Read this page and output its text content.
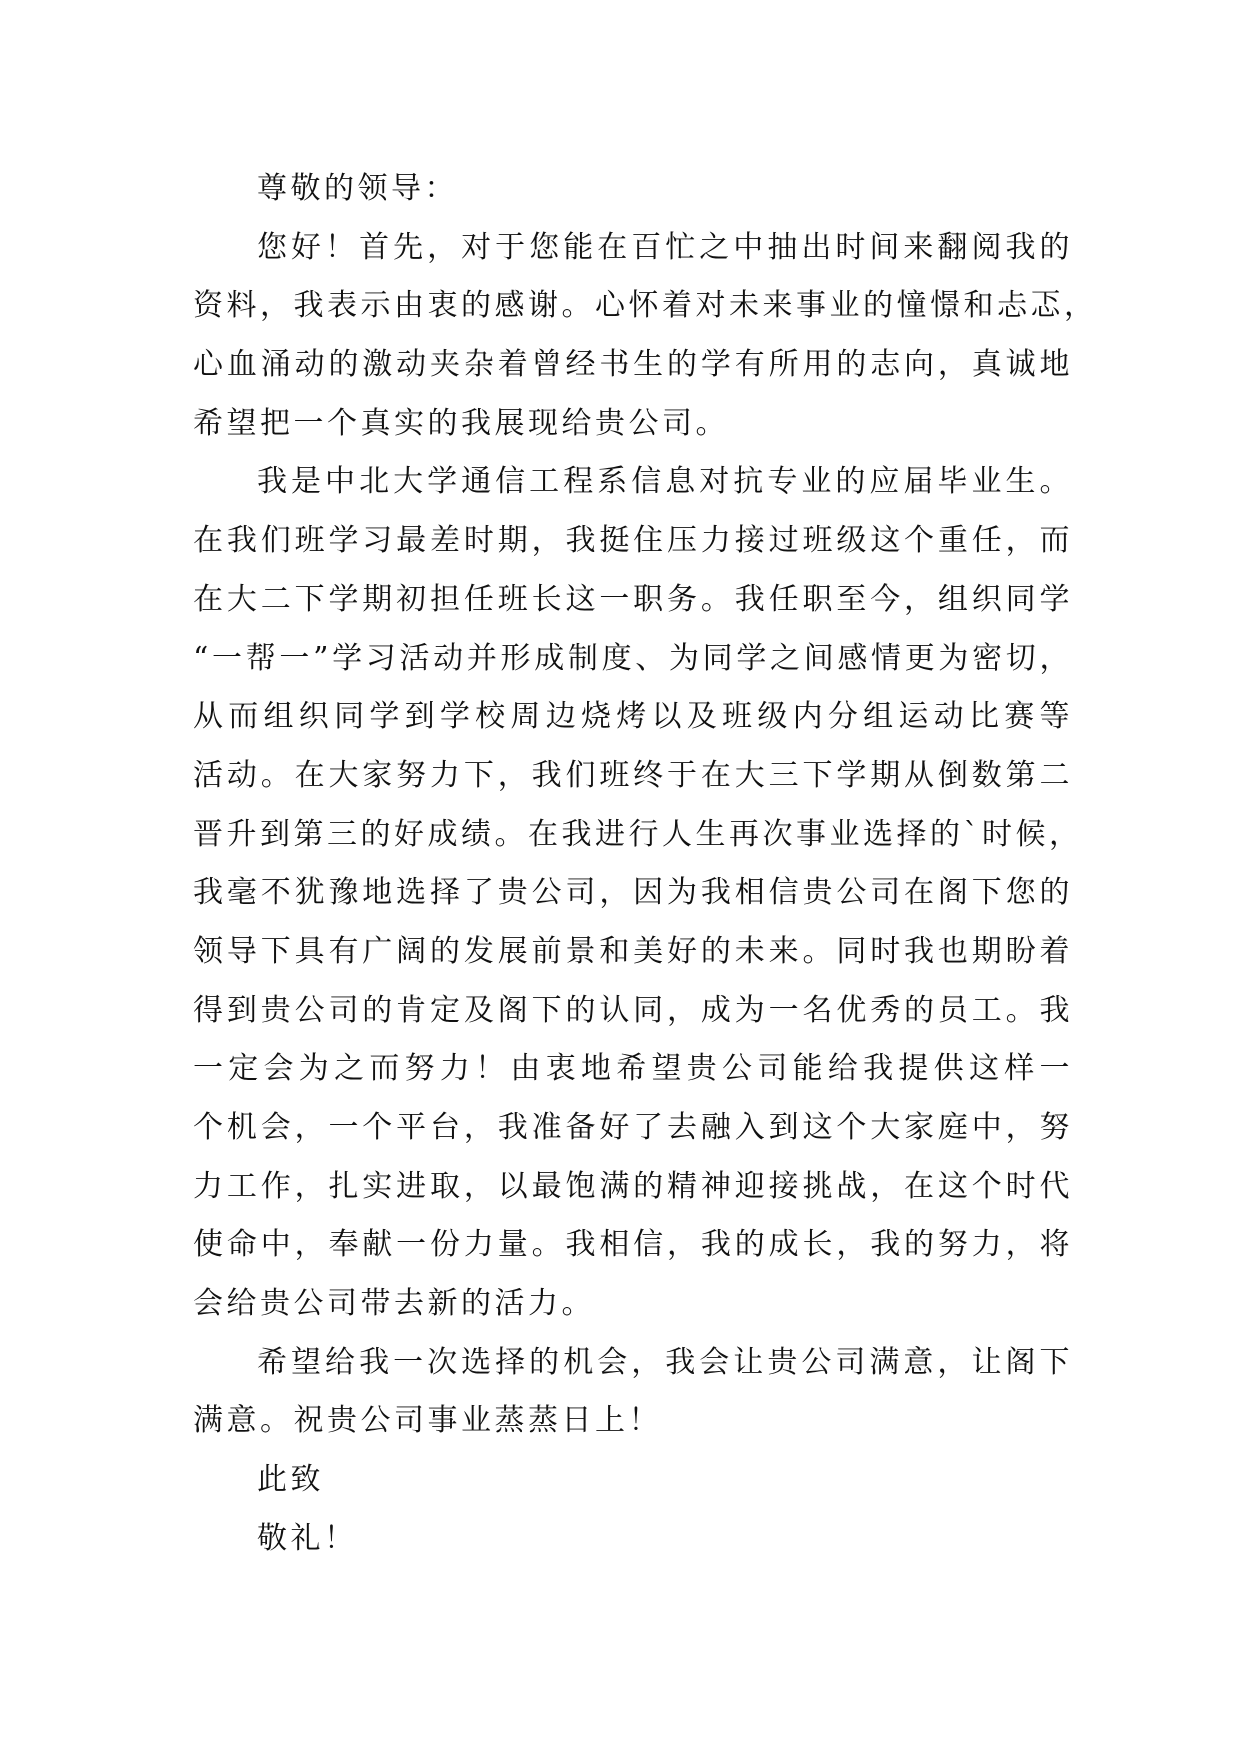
尊敬的领导：
您好！首先，对于您能在百忙之中抽出时间来翻阅我的
资料，我表示由衷的感谢。心怀着对未来事业的憧憬和忐忑，
心血涌动的激动夹杂着曾经书生的学有所用的志向，真诚地
希望把一个真实的我展现给贵公司。
我是中北大学通信工程系信息对抗专业的应届毕业生。
在我们班学习最差时期，我挺住压力接过班级这个重任，而
在大二下学期初担任班长这一职务。我任职至今，组织同学
“一帮一”学习活动并形成制度、为同学之间感情更为密切，
从而组织同学到学校周边烧烤以及班级内分组运动比赛等
活动。在大家努力下，我们班终于在大三下学期从倒数第二
晋升到第三的好成绩。在我进行人生再次事业选择的`时候，
我毫不犹豫地选择了贵公司，因为我相信贵公司在阁下您的
领导下具有广阔的发展前景和美好的未来。同时我也期盼着
得到贵公司的肯定及阁下的认同，成为一名优秀的员工。我
一定会为之而努力！由衷地希望贵公司能给我提供这样一
个机会，一个平台，我准备好了去融入到这个大家庭中，努
力工作，扎实进取，以最饱满的精神迎接挑战，在这个时代
使命中，奉献一份力量。我相信，我的成长，我的努力，将
会给贵公司带去新的活力。
希望给我一次选择的机会，我会让贵公司满意，让阁下
满意。祝贵公司事业蒸蒸日上！
此致
敬礼！
